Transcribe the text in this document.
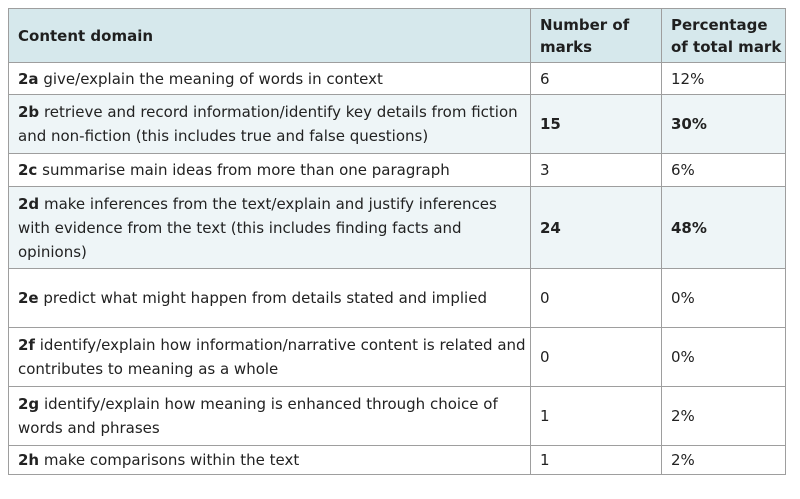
Content domain	Number of marks	Percentage of total mark
2a give/explain the meaning of words in context	6	12%
2b retrieve and record information/identify key details from fiction and non-fiction (this includes true and false questions)	15	30%
2c summarise main ideas from more than one paragraph	3	6%
2d make inferences from the text/explain and justify inferences with evidence from the text (this includes finding facts and opinions)	24	48%
2e predict what might happen from details stated and implied	0	0%
2f identify/explain how information/narrative content is related and contributes to meaning as a whole	0	0%
2g identify/explain how meaning is enhanced through choice of words and phrases	1	2%
2h make comparisons within the text	1	2%
